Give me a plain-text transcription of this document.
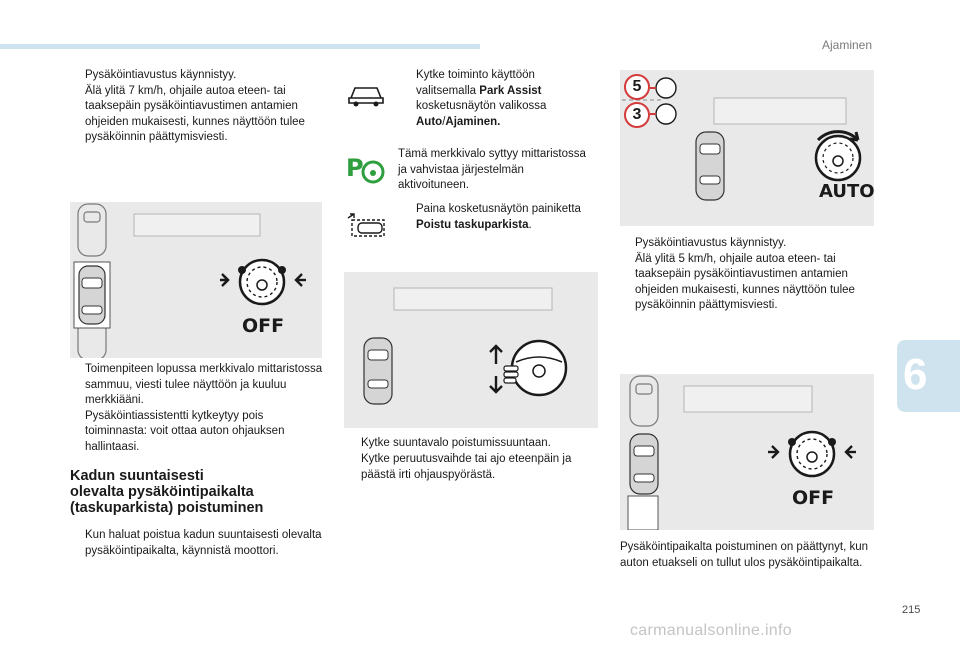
Ajaminen
Pysäköintiavustus käynnistyy.
Älä ylitä 7 km/h, ohjaile autoa eteen- tai taaksepäin pysäköintiavustimen antamien ohjeiden mukaisesti, kunnes näyttöön tulee pysäköinnin päättymisviesti.
OFF
Toimenpiteen lopussa merkkivalo mittaristossa sammuu, viesti tulee näyttöön ja kuuluu merkkiääni.
Pysäköintiassistentti kytkeytyy pois toiminnasta: voit ottaa auton ohjauksen hallintaasi.
Kadun suuntaisesti
olevalta pysäköintipaikalta
(taskuparkista) poistuminen
Kun haluat poistua kadun suuntaisesti olevalta pysäköintipaikalta, käynnistä moottori.
Kytke toiminto käyttöön valitsemalla Park Assist kosketusnäytön valikossa Auto/Ajaminen.
P	Tämä merkkivalo syttyy mittaristossa ja vahvistaa järjestelmän aktivoituneen.
Paina kosketusnäytön painiketta Poistu taskuparkista.
Kytke suuntavalo poistumissuuntaan.
Kytke peruutusvaihde tai ajo eteenpäin ja päästä irti ohjauspyörästä.
5
3
AUTO
Pysäköintiavustus käynnistyy.
Älä ylitä 5 km/h, ohjaile autoa eteen- tai taaksepäin pysäköintiavustimen antamien ohjeiden mukaisesti, kunnes näyttöön tulee pysäköinnin päättymisviesti.
OFF
Pysäköintipaikalta poistuminen on päättynyt, kun auton etuakseli on tullut ulos pysäköintipaikalta.
6
215
carmanualsonline.info
